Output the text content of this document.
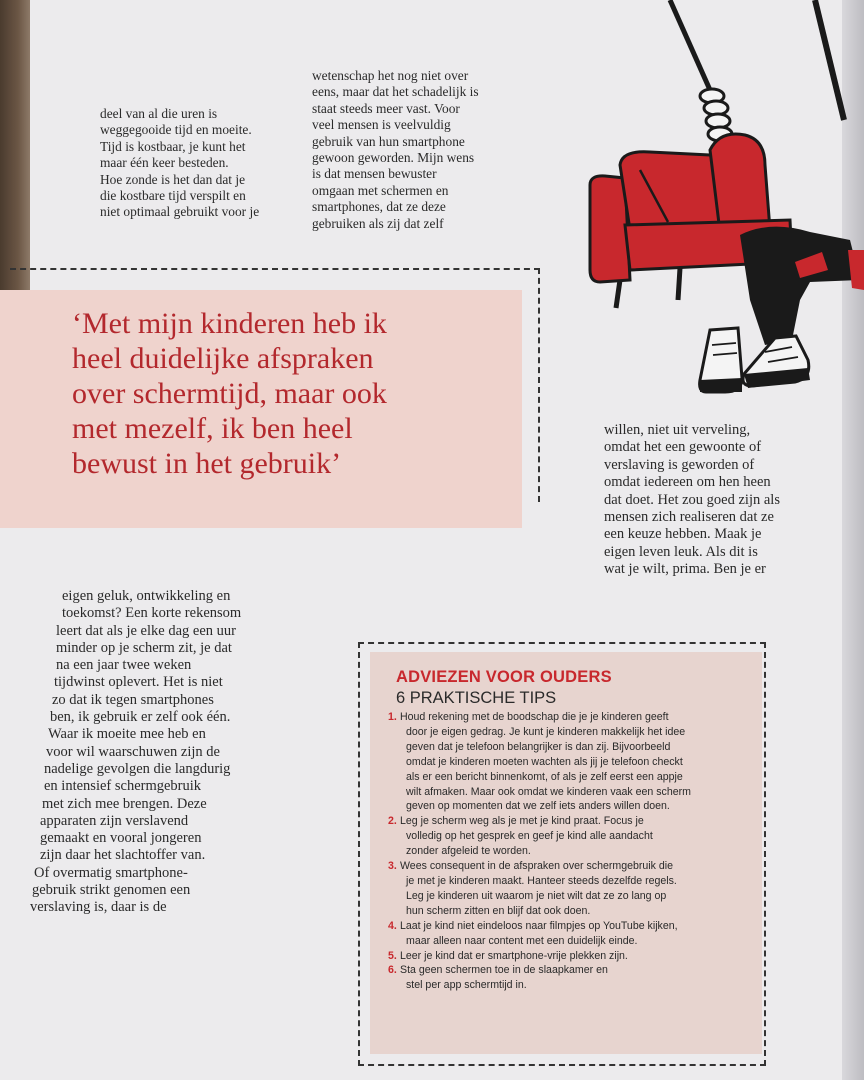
deel van al die uren is

weggegooide tijd en moeite.

Tijd is kostbaar, je kunt het

maar één keer besteden.

Hoe zonde is het dan dat je

die kostbare tijd verspilt en

niet optimaal gebruikt voor je

wetenschap het nog niet over

eens, maar dat het schadelijk is

staat steeds meer vast. Voor

veel mensen is veelvuldig

gebruik van hun smartphone

gewoon geworden. Mijn wens

is dat mensen bewuster

omgaan met schermen en

smartphones, dat ze deze

gebruiken als zij dat zelf

‘Met mijn kinderen heb ik

heel duidelijke afspraken

over schermtijd, maar ook

met mezelf, ik ben heel

bewust in het gebruik’

willen, niet uit verveling,

omdat het een gewoonte of

verslaving is geworden of

omdat iedereen om hen heen

dat doet. Het zou goed zijn als

mensen zich realiseren dat ze

een keuze hebben. Maak je

eigen leven leuk. Als dit is

wat je wilt, prima. Ben je er

eigen geluk, ontwikkeling en

toekomst? Een korte rekensom

leert dat als je elke dag een uur

minder op je scherm zit, je dat

na een jaar twee weken

tijdwinst oplevert. Het is niet

zo dat ik tegen smartphones

ben, ik gebruik er zelf ook één.

Waar ik moeite mee heb en

voor wil waarschuwen zijn de

nadelige gevolgen die langdurig

en intensief schermgebruik

met zich mee brengen. Deze

apparaten zijn verslavend

gemaakt en vooral jongeren

zijn daar het slachtoffer van.

Of overmatig smartphone-

gebruik strikt genomen een

verslaving is, daar is de

ADVIEZEN VOOR OUDERS
6 PRAKTISCHE TIPS
1. Houd rekening met de boodschap die je je kinderen geeft
door je eigen gedrag. Je kunt je kinderen makkelijk het idee
geven dat je telefoon belangrijker is dan zij. Bijvoorbeeld
omdat je kinderen moeten wachten als jij je telefoon checkt
als er een bericht binnenkomt, of als je zelf eerst een appje
wilt afmaken. Maar ook omdat we kinderen vaak een scherm
geven op momenten dat we zelf iets anders willen doen.
2. Leg je scherm weg als je met je kind praat. Focus je
volledig op het gesprek en geef je kind alle aandacht
zonder afgeleid te worden.
3. Wees consequent in de afspraken over schermgebruik die
je met je kinderen maakt. Hanteer steeds dezelfde regels.
Leg je kinderen uit waarom je niet wilt dat ze zo lang op
hun scherm zitten en blijf dat ook doen.
4. Laat je kind niet eindeloos naar filmpjes op YouTube kijken,
maar alleen naar content met een duidelijk einde.
5. Leer je kind dat er smartphone-vrije plekken zijn.
6. Sta geen schermen toe in de slaapkamer en
stel per app schermtijd in.
